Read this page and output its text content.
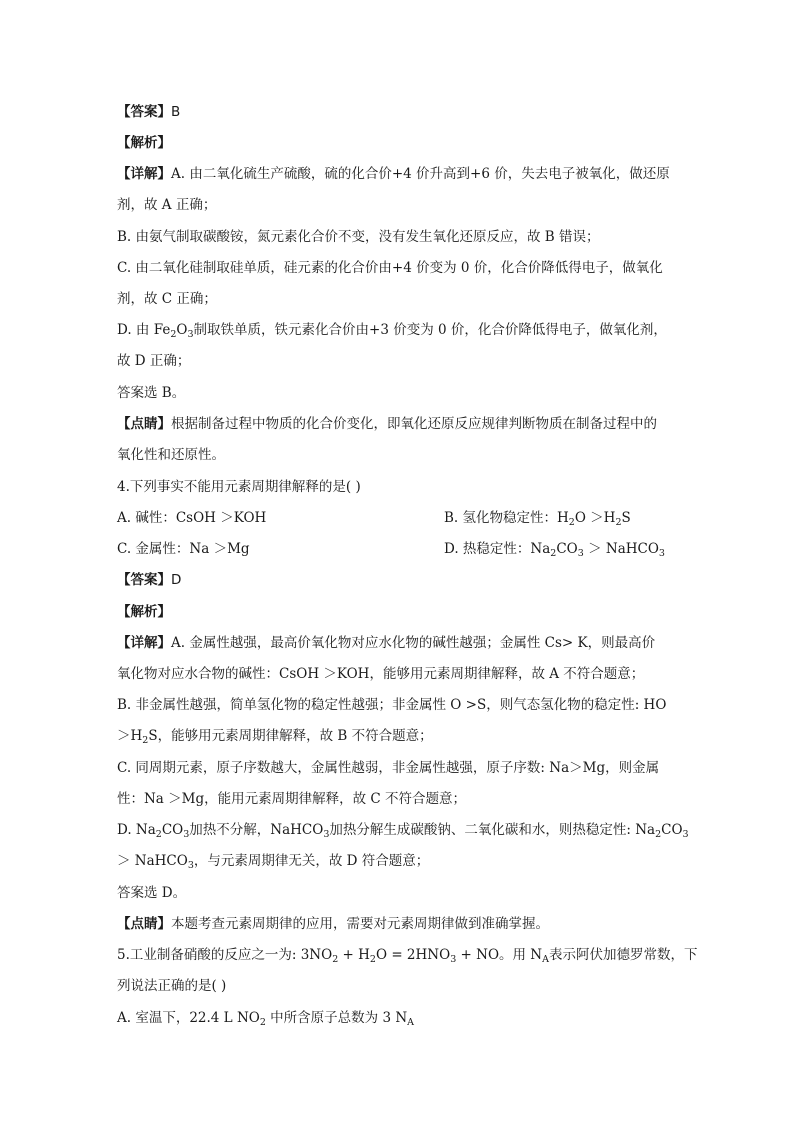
【答案】B
【解析】
【详解】A. 由二氧化硫生产硫酸，硫的化合价+4 价升高到+6 价，失去电子被氧化，做还原
剂，故 A 正确；
B. 由氨气制取碳酸铵，氮元素化合价不变，没有发生氧化还原反应，故 B 错误；
C. 由二氧化硅制取硅单质，硅元素的化合价由+4 价变为 0 价，化合价降低得电子，做氧化
剂，故 C 正确；
D. 由 $Fe_2O_3$制取铁单质，铁元素化合价由+3 价变为 0 价，化合价降低得电子，做氧化剂，
故 D 正确；
答案选 B。
【点睛】根据制备过程中物质的化合价变化，即氧化还原反应规律判断物质在制备过程中的
氧化性和还原性。
4.下列事实不能用元素周期律解释的是( )
A. 碱性：CsOH ＞KOH	B. 氢化物稳定性：$H_2O >H_2S$
C. 金属性：Na ＞Mg	D. 热稳定性：$Na_2CO_3$ ＞ NaHCO$_3$
【答案】D
【解析】
【详解】A. 金属性越强，最高价氧化物对应水化物的碱性越强；金属性 Cs> K，则最高价
氧化物对应水合物的碱性：CsOH ＞KOH，能够用元素周期律解释，故 A 不符合题意；
B. 非金属性越强，简单氢化物的稳定性越强；非金属性 O >S，则气态氢化物的稳定性: HO
$>H_2S$，能够用元素周期律解释，故 B 不符合题意；
C. 同周期元素，原子序数越大，金属性越弱，非金属性越强，原子序数: Na＞Mg，则金属
性：Na ＞Mg，能用元素周期律解释，故 C 不符合题意；
D. $Na_2CO_3$加热不分解，NaHCO$_3$加热分解生成碳酸钠、二氧化碳和水，则热稳定性: $Na_2CO_3$
＞ NaHCO$_3$，与元素周期律无关，故 D 符合题意；
答案选 D。
【点睛】本题考查元素周期律的应用，需要对元素周期律做到准确掌握。
5.工业制备硝酸的反应之一为: $3NO_2 + H_2O = 2HNO_3$ + NO。用 $N_A$表示阿伏加德罗常数，下
列说法正确的是( )
A. 室温下，22.4 L $NO_2$ 中所含原子总数为 3 $N_A$
